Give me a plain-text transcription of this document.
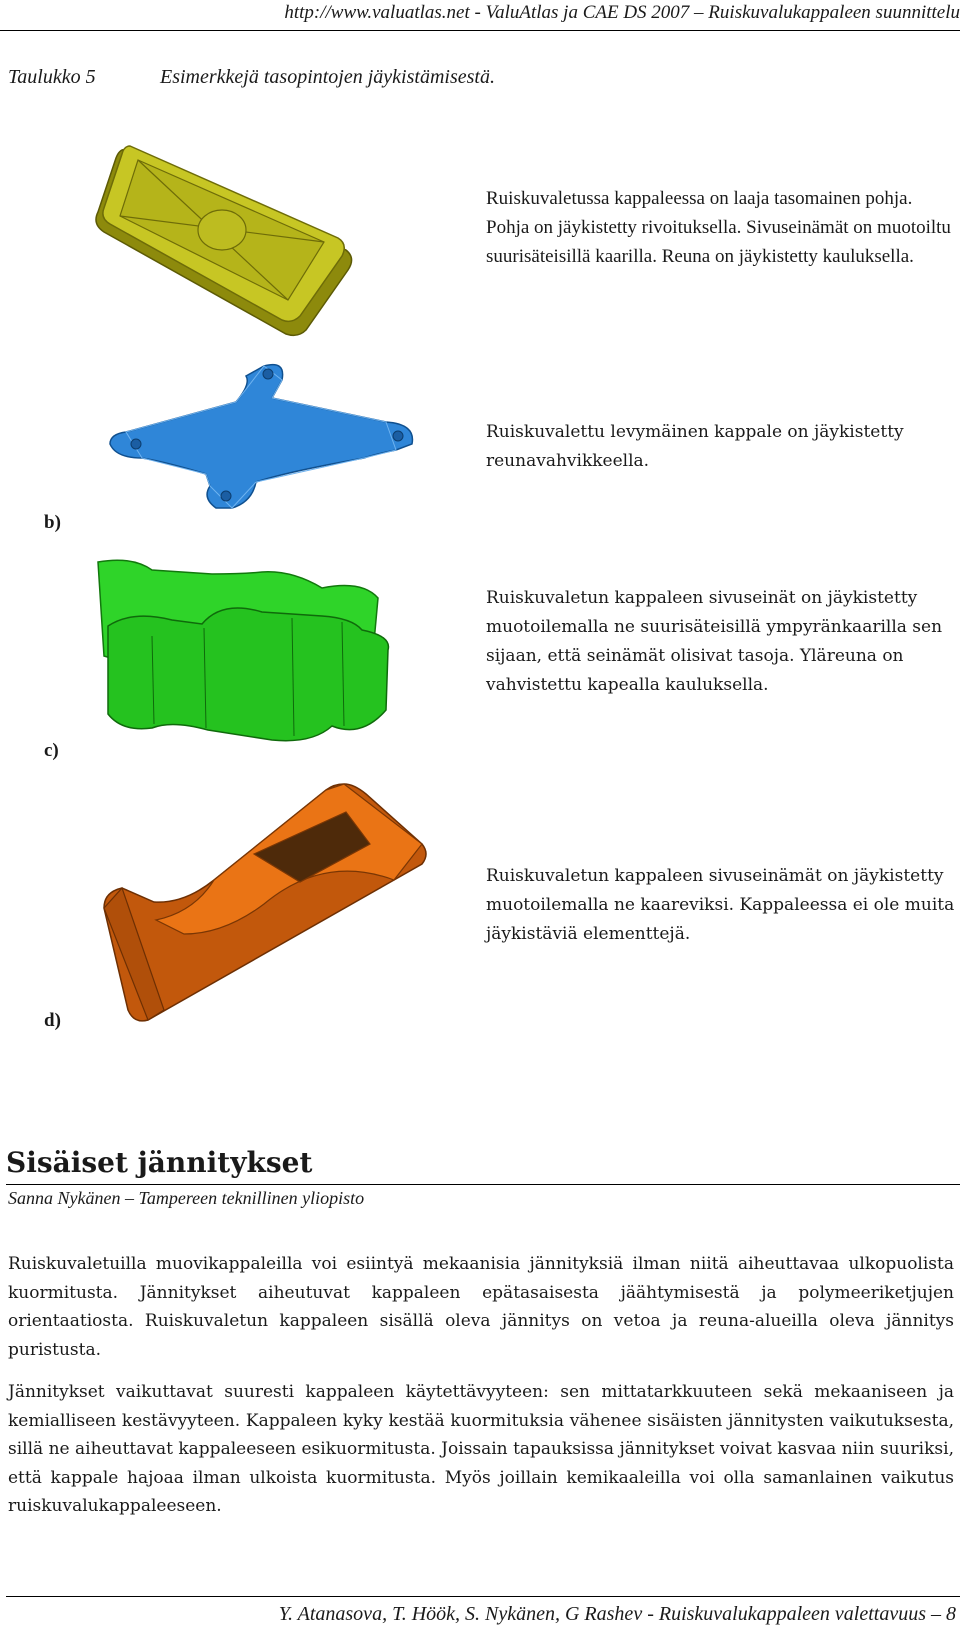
http://www.valuatlas.net - ValuAtlas ja CAE DS 2007 – Ruiskuvalukappaleen suunnittelu
Taulukko 5	Esimerkkejä tasopintojen jäykistämisestä.
Ruiskuvaletussa kappaleessa on laaja tasomainen pohja. Pohja on jäykistetty rivoituksella. Sivuseinämät on muotoiltu suurisäteisillä kaarilla. Reuna on jäykistetty kauluksella.
Ruiskuvalettu levymäinen kappale on jäykistetty reunavahvikkeella.
b)
Ruiskuvaletun kappaleen sivuseinät on jäykistetty muotoilemalla ne suurisäteisillä ympyränkaarilla sen sijaan, että seinämät olisivat tasoja. Yläreuna on vahvistettu kapealla kauluksella.
c)
Ruiskuvaletun kappaleen sivuseinämät on jäykistetty muotoilemalla ne kaareviksi. Kappaleessa ei ole muita jäykistäviä elementtejä.
d)
Sisäiset jännitykset
Sanna Nykänen – Tampereen teknillinen yliopisto
Ruiskuvaletuilla muovikappaleilla voi esiintyä mekaanisia jännityksiä ilman niitä aiheuttavaa ulkopuolista kuormitusta. Jännitykset aiheutuvat kappaleen epätasaisesta jäähtymisestä ja polymeeriketjujen orientaatiosta. Ruiskuvaletun kappaleen sisällä oleva jännitys on vetoa ja reuna-alueilla oleva jännitys puristusta.
Jännitykset vaikuttavat suuresti kappaleen käytettävyyteen: sen mittatarkkuuteen sekä mekaaniseen ja kemialliseen kestävyyteen. Kappaleen kyky kestää kuormituksia vähenee sisäisten jännitysten vaikutuksesta, sillä ne aiheuttavat kappaleeseen esikuormitusta. Joissain tapauksissa jännitykset voivat kasvaa niin suuriksi, että kappale hajoaa ilman ulkoista kuormitusta. Myös joillain kemikaaleilla voi olla samanlainen vaikutus ruiskuvalukappaleeseen.
Y. Atanasova, T. Höök, S. Nykänen, G Rashev - Ruiskuvalukappaleen valettavuus – 8
